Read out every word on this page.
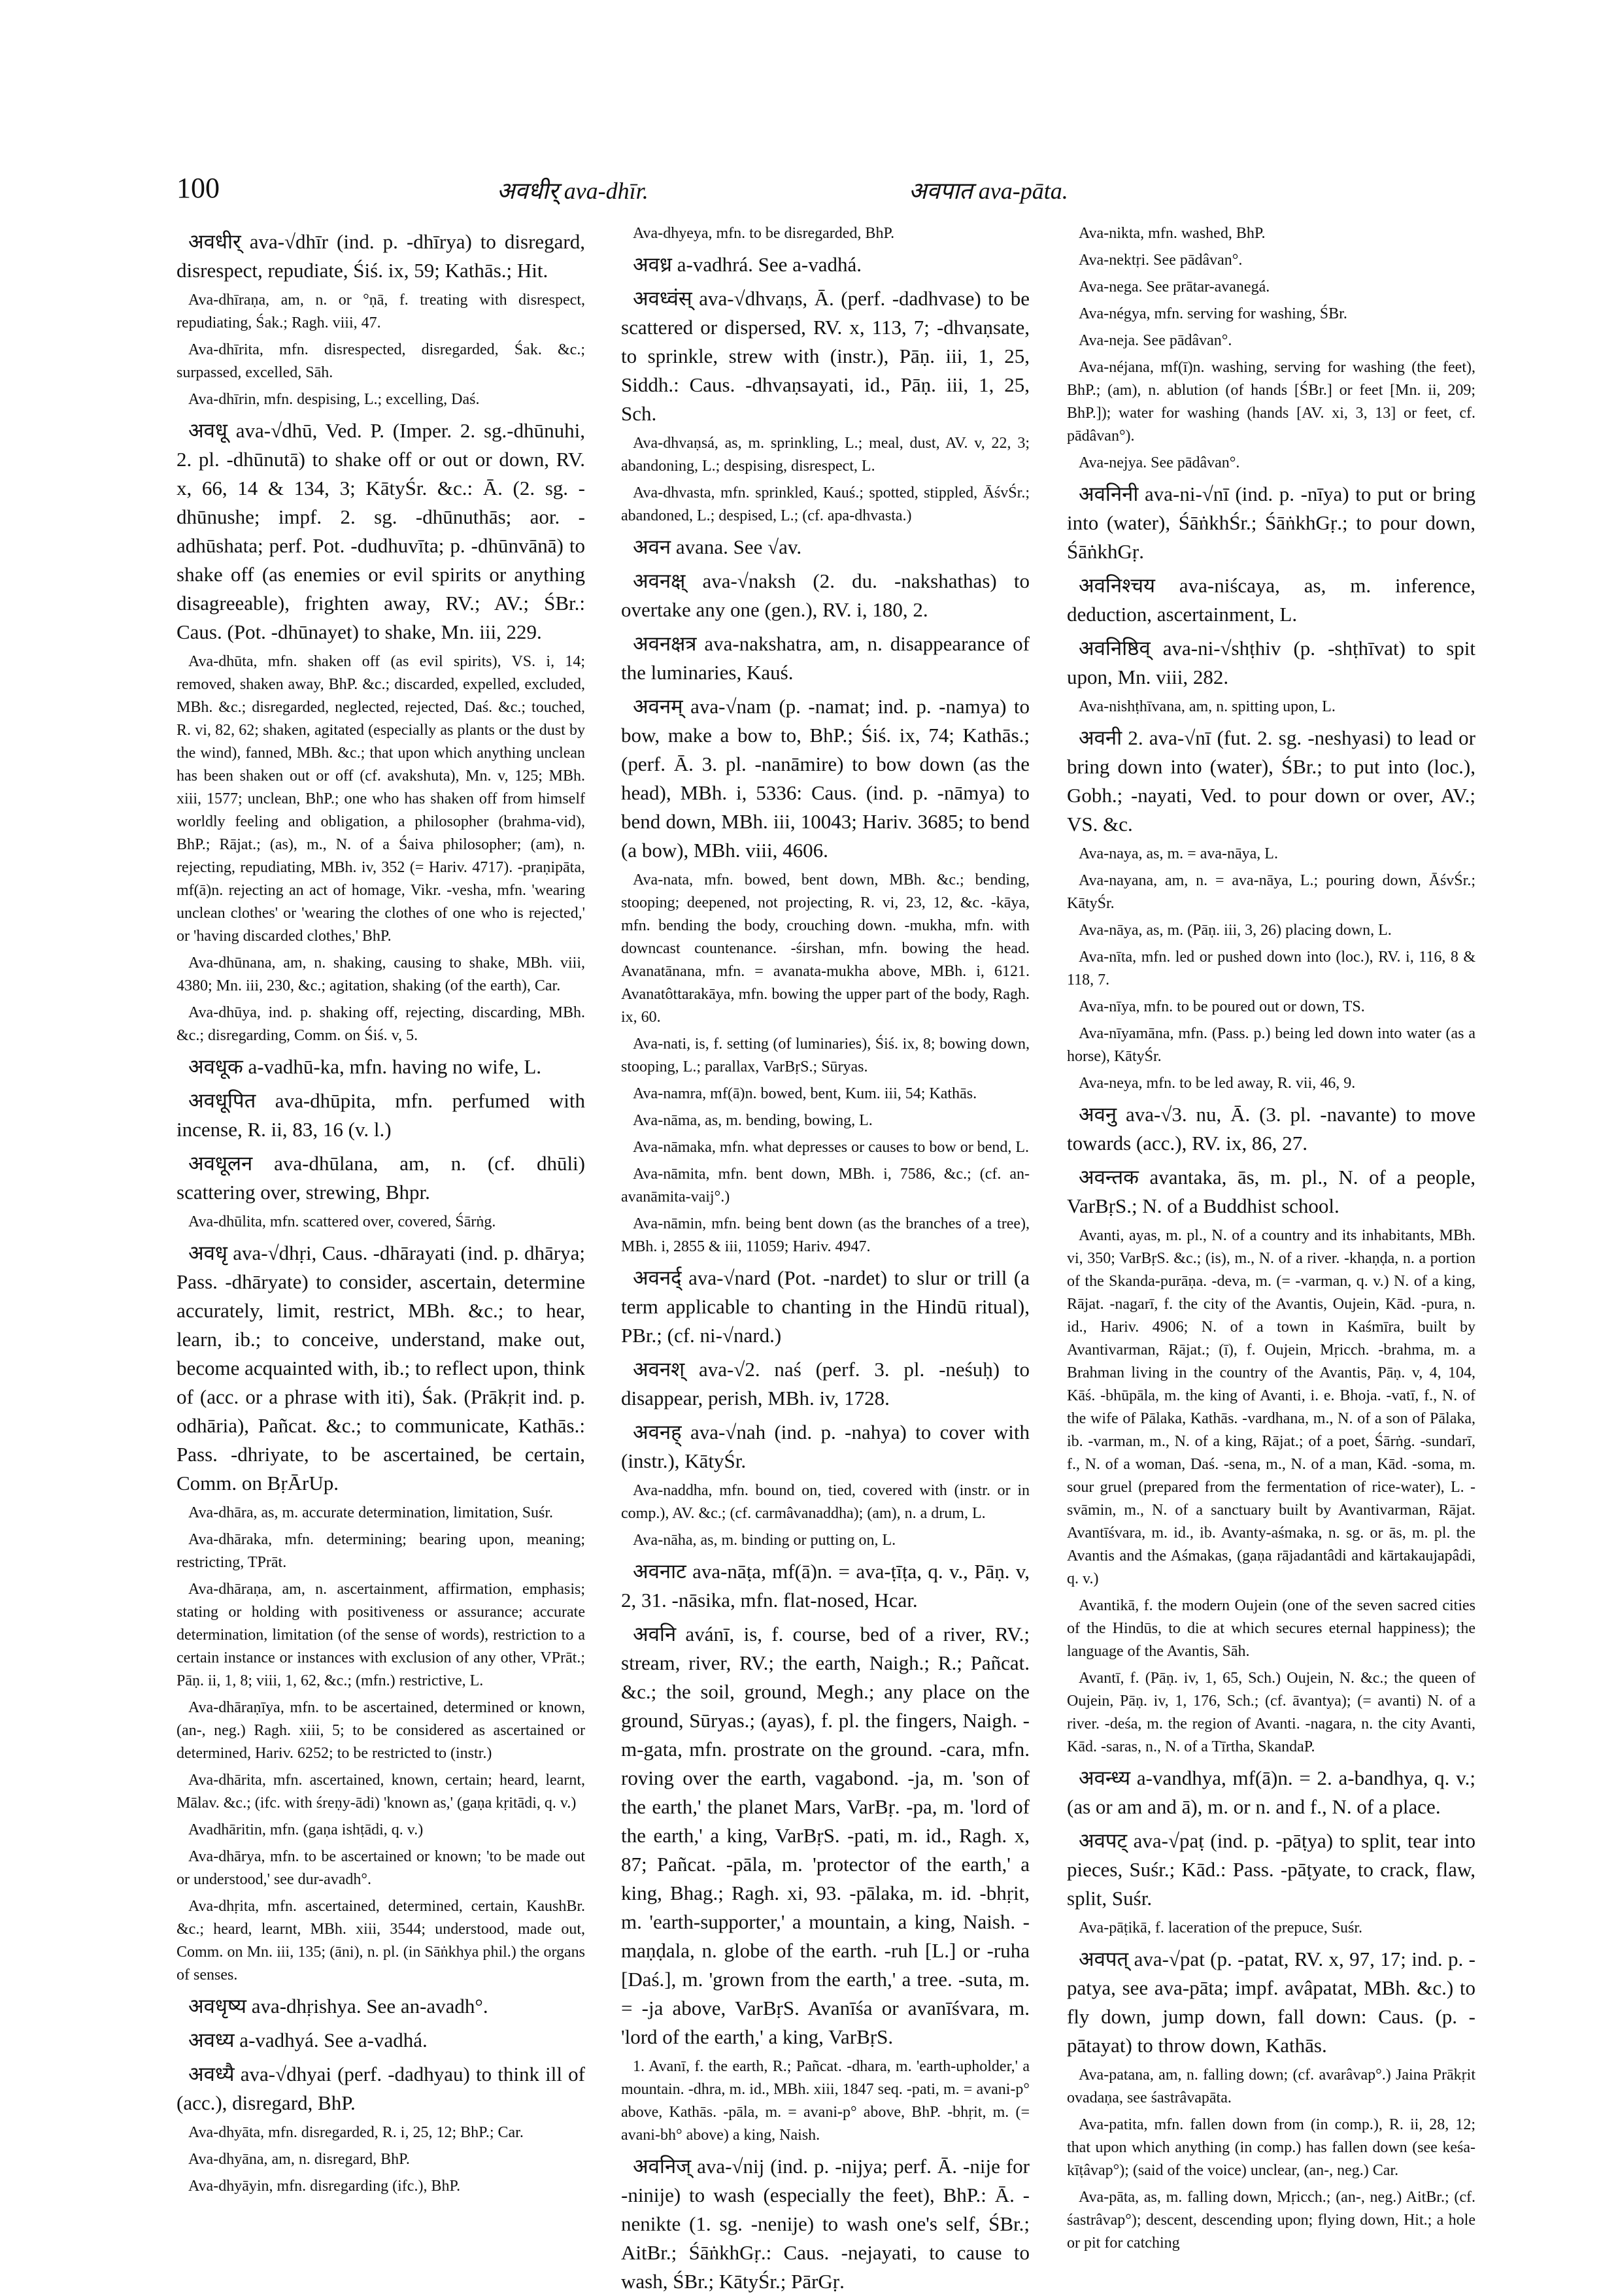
100	अवधीर् ava-dhīr.	अवपात ava-pāta.

अवधीर् ava-√dhīr (ind. p. -dhīrya) to disregard, disrespect, repudiate, Śiś. ix, 59; Kathās.; Hit.

Ava-dhīraṇa, am, n. or °ṇā, f. treating with disrespect, repudiating, Śak.; Ragh. viii, 47.

Ava-dhīrita, mfn. disrespected, disregarded, Śak. &c.; surpassed, excelled, Sāh.

Ava-dhīrin, mfn. despising, L.; excelling, Daś.

अवधू ava-√dhū, Ved. P. (Imper. 2. sg.-dhūnuhi, 2. pl. -dhūnutā) to shake off or out or down, RV. x, 66, 14 & 134, 3; KātyŚr. &c.: Ā. (2. sg. -dhūnushe; impf. 2. sg. -dhūnuthās; aor. -adhūshata; perf. Pot. -dudhuvīta; p. -dhūnvānā) to shake off (as enemies or evil spirits or anything disagreeable), frighten away, RV.; AV.; ŚBr.: Caus. (Pot. -dhūnayet) to shake, Mn. iii, 229.

Ava-dhūta, mfn. shaken off (as evil spirits), VS. i, 14; removed, shaken away, BhP. &c.; discarded, expelled, excluded, MBh. &c.; disregarded, neglected, rejected, Daś. &c.; touched, R. vi, 82, 62; shaken, agitated (especially as plants or the dust by the wind), fanned, MBh. &c.; that upon which anything unclean has been shaken out or off (cf. avakshuta), Mn. v, 125; MBh. xiii, 1577; unclean, BhP.; one who has shaken off from himself worldly feeling and obligation, a philosopher (brahma-vid), BhP.; Rājat.; (as), m., N. of a Śaiva philosopher; (am), n. rejecting, repudiating, MBh. iv, 352 (= Hariv. 4717). -praṇipāta, mf(ā)n. rejecting an act of homage, Vikr. -vesha, mfn. 'wearing unclean clothes' or 'wearing the clothes of one who is rejected,' or 'having discarded clothes,' BhP.

Ava-dhūnana, am, n. shaking, causing to shake, MBh. viii, 4380; Mn. iii, 230, &c.; agitation, shaking (of the earth), Car.

Ava-dhūya, ind. p. shaking off, rejecting, discarding, MBh. &c.; disregarding, Comm. on Śiś. v, 5.

अवधूक a-vadhū-ka, mfn. having no wife, L.

अवधूपित ava-dhūpita, mfn. perfumed with incense, R. ii, 83, 16 (v. l.)

अवधूलन ava-dhūlana, am, n. (cf. dhūli) scattering over, strewing, Bhpr.

Ava-dhūlita, mfn. scattered over, covered, Śārṅg.

अवधृ ava-√dhṛi, Caus. -dhārayati (ind. p. dhārya; Pass. -dhāryate) to consider, ascertain, determine accurately, limit, restrict, MBh. &c.; to hear, learn, ib.; to conceive, understand, make out, become acquainted with, ib.; to reflect upon, think of (acc. or a phrase with iti), Śak. (Prākṛit ind. p. odhāria), Pañcat. &c.; to communicate, Kathās.: Pass. -dhriyate, to be ascertained, be certain, Comm. on BṛĀrUp.

Ava-dhāra, as, m. accurate determination, limitation, Suśr.

Ava-dhāraka, mfn. determining; bearing upon, meaning; restricting, TPrāt.

Ava-dhāraṇa, am, n. ascertainment, affirmation, emphasis; stating or holding with positiveness or assurance; accurate determination, limitation (of the sense of words), restriction to a certain instance or instances with exclusion of any other, VPrāt.; Pāṇ. ii, 1, 8; viii, 1, 62, &c.; (mfn.) restrictive, L.

Ava-dhāraṇīya, mfn. to be ascertained, determined or known, (an-, neg.) Ragh. xiii, 5; to be considered as ascertained or determined, Hariv. 6252; to be restricted to (instr.)

Ava-dhārita, mfn. ascertained, known, certain; heard, learnt, Mālav. &c.; (ifc. with śreṇy-ādi) 'known as,' (gaṇa kṛitādi, q. v.)

Avadhāritin, mfn. (gaṇa ishṭādi, q. v.)

Ava-dhārya, mfn. to be ascertained or known; 'to be made out or understood,' see dur-avadh°.

Ava-dhṛita, mfn. ascertained, determined, certain, KaushBr. &c.; heard, learnt, MBh. xiii, 3544; understood, made out, Comm. on Mn. iii, 135; (āni), n. pl. (in Sāṅkhya phil.) the organs of senses.

अवधृष्य ava-dhṛishya. See an-avadh°.

अवध्य a-vadhyá. See a-vadhá.

अवध्यै ava-√dhyai (perf. -dadhyau) to think ill of (acc.), disregard, BhP.

Ava-dhyāta, mfn. disregarded, R. i, 25, 12; BhP.; Car.

Ava-dhyāna, am, n. disregard, BhP.

Ava-dhyāyin, mfn. disregarding (ifc.), BhP.

Ava-dhyeya, mfn. to be disregarded, BhP.

अवध्र a-vadhrá. See a-vadhá.

अवध्वंस् ava-√dhvaṇs, Ā. (perf. -dadhvase) to be scattered or dispersed, RV. x, 113, 7; -dhvaṇsate, to sprinkle, strew with (instr.), Pāṇ. iii, 1, 25, Siddh.: Caus. -dhvaṇsayati, id., Pāṇ. iii, 1, 25, Sch.

Ava-dhvaṇsá, as, m. sprinkling, L.; meal, dust, AV. v, 22, 3; abandoning, L.; despising, disrespect, L.

Ava-dhvasta, mfn. sprinkled, Kauś.; spotted, stippled, ĀśvŚr.; abandoned, L.; despised, L.; (cf. apa-dhvasta.)

अवन avana. See √av.

अवनक्ष् ava-√naksh (2. du. -nakshathas) to overtake any one (gen.), RV. i, 180, 2.

अवनक्षत्र ava-nakshatra, am, n. disappearance of the luminaries, Kauś.

अवनम् ava-√nam (p. -namat; ind. p. -namya) to bow, make a bow to, BhP.; Śiś. ix, 74; Kathās.; (perf. Ā. 3. pl. -nanāmire) to bow down (as the head), MBh. i, 5336: Caus. (ind. p. -nāmya) to bend down, MBh. iii, 10043; Hariv. 3685; to bend (a bow), MBh. viii, 4606.

Ava-nata, mfn. bowed, bent down, MBh. &c.; bending, stooping; deepened, not projecting, R. vi, 23, 12, &c. -kāya, mfn. bending the body, crouching down. -mukha, mfn. with downcast countenance. -śirshan, mfn. bowing the head. Avanatānana, mfn. = avanata-mukha above, MBh. i, 6121. Avanatôttarakāya, mfn. bowing the upper part of the body, Ragh. ix, 60.

Ava-nati, is, f. setting (of luminaries), Śiś. ix, 8; bowing down, stooping, L.; parallax, VarBṛS.; Sūryas.

Ava-namra, mf(ā)n. bowed, bent, Kum. iii, 54; Kathās.

Ava-nāma, as, m. bending, bowing, L.

Ava-nāmaka, mfn. what depresses or causes to bow or bend, L.

Ava-nāmita, mfn. bent down, MBh. i, 7586, &c.; (cf. an-avanāmita-vaij°.)

Ava-nāmin, mfn. being bent down (as the branches of a tree), MBh. i, 2855 & iii, 11059; Hariv. 4947.

अवनर्द् ava-√nard (Pot. -nardet) to slur or trill (a term applicable to chanting in the Hindū ritual), PBr.; (cf. ni-√nard.)

अवनश् ava-√2. naś (perf. 3. pl. -neśuḥ) to disappear, perish, MBh. iv, 1728.

अवनह् ava-√nah (ind. p. -nahya) to cover with (instr.), KātyŚr.

Ava-naddha, mfn. bound on, tied, covered with (instr. or in comp.), AV. &c.; (cf. carmâvanaddha); (am), n. a drum, L.

Ava-nāha, as, m. binding or putting on, L.

अवनाट ava-nāṭa, mf(ā)n. = ava-ṭīṭa, q. v., Pāṇ. v, 2, 31. -nāsika, mfn. flat-nosed, Hcar.

अवनि avánī, is, f. course, bed of a river, RV.; stream, river, RV.; the earth, Naigh.; R.; Pañcat. &c.; the soil, ground, Megh.; any place on the ground, Sūryas.; (ayas), f. pl. the fingers, Naigh. -m-gata, mfn. prostrate on the ground. -cara, mfn. roving over the earth, vagabond. -ja, m. 'son of the earth,' the planet Mars, VarBṛ. -pa, m. 'lord of the earth,' a king, VarBṛS. -pati, m. id., Ragh. x, 87; Pañcat. -pāla, m. 'protector of the earth,' a king, Bhag.; Ragh. xi, 93. -pālaka, m. id. -bhṛit, m. 'earth-supporter,' a mountain, a king, Naish. -maṇḍala, n. globe of the earth. -ruh [L.] or -ruha [Daś.], m. 'grown from the earth,' a tree. -suta, m. = -ja above, VarBṛS. Avanīśa or avanīśvara, m. 'lord of the earth,' a king, VarBṛS.

1. Avanī, f. the earth, R.; Pañcat. -dhara, m. 'earth-upholder,' a mountain. -dhra, m. id., MBh. xiii, 1847 seq. -pati, m. = avani-p° above, Kathās. -pāla, m. = avani-p° above, BhP. -bhṛit, m. (= avani-bh° above) a king, Naish.

अवनिज् ava-√nij (ind. p. -nijya; perf. Ā. -nije for -ninije) to wash (especially the feet), BhP.: Ā. -nenikte (1. sg. -nenije) to wash one's self, ŚBr.; AitBr.; ŚāṅkhGṛ.: Caus. -nejayati, to cause to wash, ŚBr.; KātyŚr.; PārGṛ.

Ava-nikta, mfn. washed, BhP.

Ava-nektṛi. See pādâvan°.

Ava-nega. See prātar-avanegá.

Ava-négya, mfn. serving for washing, ŚBr.

Ava-neja. See pādâvan°.

Ava-néjana, mf(ī)n. washing, serving for washing (the feet), BhP.; (am), n. ablution (of hands [ŚBr.] or feet [Mn. ii, 209; BhP.]); water for washing (hands [AV. xi, 3, 13] or feet, cf. pādâvan°).

Ava-nejya. See pādâvan°.

अवनिनी ava-ni-√nī (ind. p. -nīya) to put or bring into (water), ŚāṅkhŚr.; ŚāṅkhGṛ.; to pour down, ŚāṅkhGṛ.

अवनिश्चय ava-niścaya, as, m. inference, deduction, ascertainment, L.

अवनिष्ठिव् ava-ni-√shṭhiv (p. -shṭhīvat) to spit upon, Mn. viii, 282.

Ava-nishṭhīvana, am, n. spitting upon, L.

अवनी 2. ava-√nī (fut. 2. sg. -neshyasi) to lead or bring down into (water), ŚBr.; to put into (loc.), Gobh.; -nayati, Ved. to pour down or over, AV.; VS. &c.

Ava-naya, as, m. = ava-nāya, L.

Ava-nayana, am, n. = ava-nāya, L.; pouring down, ĀśvŚr.; KātyŚr.

Ava-nāya, as, m. (Pāṇ. iii, 3, 26) placing down, L.

Ava-nīta, mfn. led or pushed down into (loc.), RV. i, 116, 8 & 118, 7.

Ava-nīya, mfn. to be poured out or down, TS.

Ava-nīyamāna, mfn. (Pass. p.) being led down into water (as a horse), KātyŚr.

Ava-neya, mfn. to be led away, R. vii, 46, 9.

अवनु ava-√3. nu, Ā. (3. pl. -navante) to move towards (acc.), RV. ix, 86, 27.

अवन्तक avantaka, ās, m. pl., N. of a people, VarBṛS.; N. of a Buddhist school.

Avanti, ayas, m. pl., N. of a country and its inhabitants, MBh. vi, 350; VarBṛS. &c.; (is), m., N. of a river. -khaṇḍa, n. a portion of the Skanda-purāṇa. -deva, m. (= -varman, q. v.) N. of a king, Rājat. -nagarī, f. the city of the Avantis, Oujein, Kād. -pura, n. id., Hariv. 4906; N. of a town in Kaśmīra, built by Avantivarman, Rājat.; (ī), f. Oujein, Mṛicch. -brahma, m. a Brahman living in the country of the Avantis, Pāṇ. v, 4, 104, Kāś. -bhūpāla, m. the king of Avanti, i. e. Bhoja. -vatī, f., N. of the wife of Pālaka, Kathās. -vardhana, m., N. of a son of Pālaka, ib. -varman, m., N. of a king, Rājat.; of a poet, Śārṅg. -sundarī, f., N. of a woman, Daś. -sena, m., N. of a man, Kād. -soma, m. sour gruel (prepared from the fermentation of rice-water), L. -svāmin, m., N. of a sanctuary built by Avantivarman, Rājat. Avantīśvara, m. id., ib. Avanty-aśmaka, n. sg. or ās, m. pl. the Avantis and the Aśmakas, (gaṇa rājadantâdi and kārtakaujapâdi, q. v.)

Avantikā, f. the modern Oujein (one of the seven sacred cities of the Hindūs, to die at which secures eternal happiness); the language of the Avantis, Sāh.

Avantī, f. (Pāṇ. iv, 1, 65, Sch.) Oujein, N. &c.; the queen of Oujein, Pāṇ. iv, 1, 176, Sch.; (cf. āvantya); (= avanti) N. of a river. -deśa, m. the region of Avanti. -nagara, n. the city Avanti, Kād. -saras, n., N. of a Tīrtha, SkandaP.

अवन्ध्य a-vandhya, mf(ā)n. = 2. a-bandhya, q. v.; (as or am and ā), m. or n. and f., N. of a place.

अवपट् ava-√paṭ (ind. p. -pāṭya) to split, tear into pieces, Suśr.; Kād.: Pass. -pāṭyate, to crack, flaw, split, Suśr.

Ava-pāṭikā, f. laceration of the prepuce, Suśr.

अवपत् ava-√pat (p. -patat, RV. x, 97, 17; ind. p. -patya, see ava-pāta; impf. avâpatat, MBh. &c.) to fly down, jump down, fall down: Caus. (p. -pātayat) to throw down, Kathās.

Ava-patana, am, n. falling down; (cf. avarâvap°.) Jaina Prākṛit ovadaṇa, see śastrâvapāta.

Ava-patita, mfn. fallen down from (in comp.), R. ii, 28, 12; that upon which anything (in comp.) has fallen down (see keśa-kīṭâvap°); (said of the voice) unclear, (an-, neg.) Car.

Ava-pāta, as, m. falling down, Mṛicch.; (an-, neg.) AitBr.; (cf. śastrâvap°); descent, descending upon; flying down, Hit.; a hole or pit for catching
